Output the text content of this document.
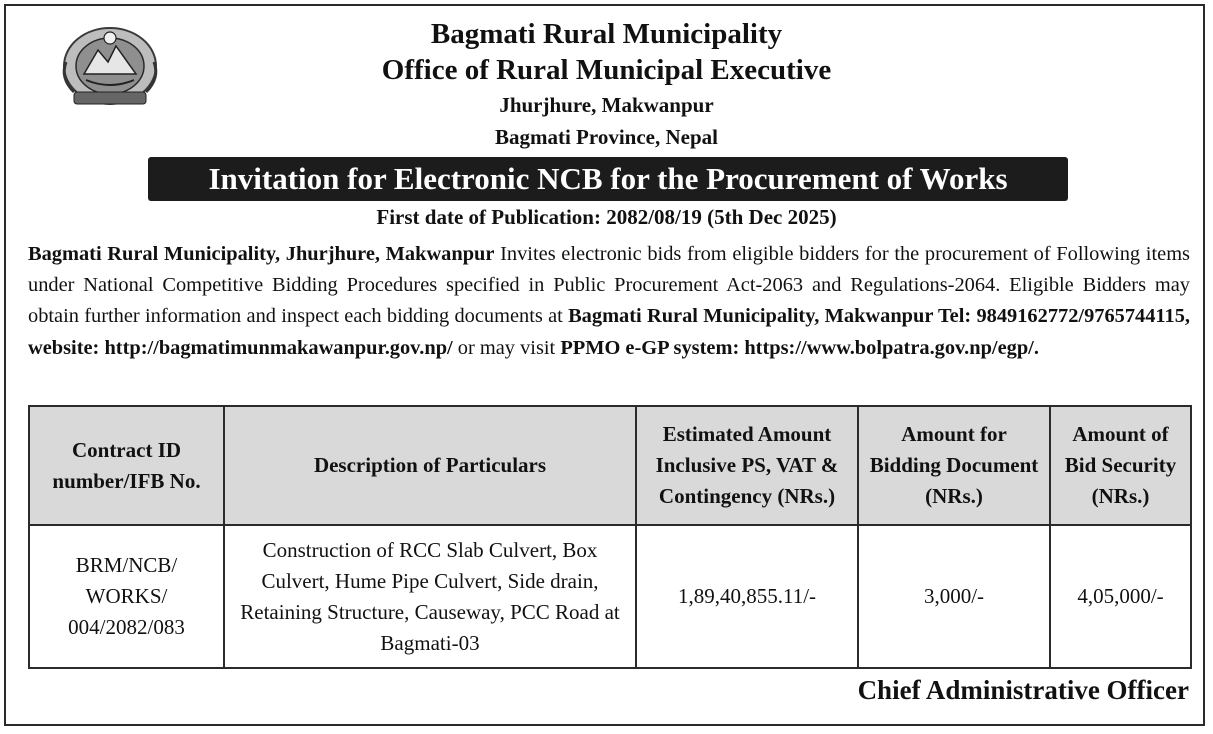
Bagmati Rural Municipality
Office of Rural Municipal Executive
Jhurjhure, Makwanpur
Bagmati Province, Nepal
Invitation for Electronic NCB for the Procurement of Works
First date of Publication: 2082/08/19 (5th Dec 2025)
Bagmati Rural Municipality, Jhurjhure, Makwanpur Invites electronic bids from eligible bidders for the procurement of Following items under National Competitive Bidding Procedures specified in Public Procurement Act-2063 and Regulations-2064. Eligible Bidders may obtain further information and inspect each bidding documents at Bagmati Rural Municipality, Makwanpur Tel: 9849162772/9765744115, website: http://bagmatimunmakawanpur.gov.np/ or may visit PPMO e-GP system: https://www.bolpatra.gov.np/egp/.
Contract ID number/IFB No.	Description of Particulars	Estimated Amount Inclusive PS, VAT & Contingency (NRs.)	Amount for Bidding Document (NRs.)	Amount of Bid Security (NRs.)
BRM/NCB/ WORKS/ 004/2082/083	Construction of RCC Slab Culvert, Box Culvert, Hume Pipe Culvert, Side drain, Retaining Structure, Causeway, PCC Road at Bagmati-03	1,89,40,855.11/-	3,000/-	4,05,000/-
Chief Administrative Officer
